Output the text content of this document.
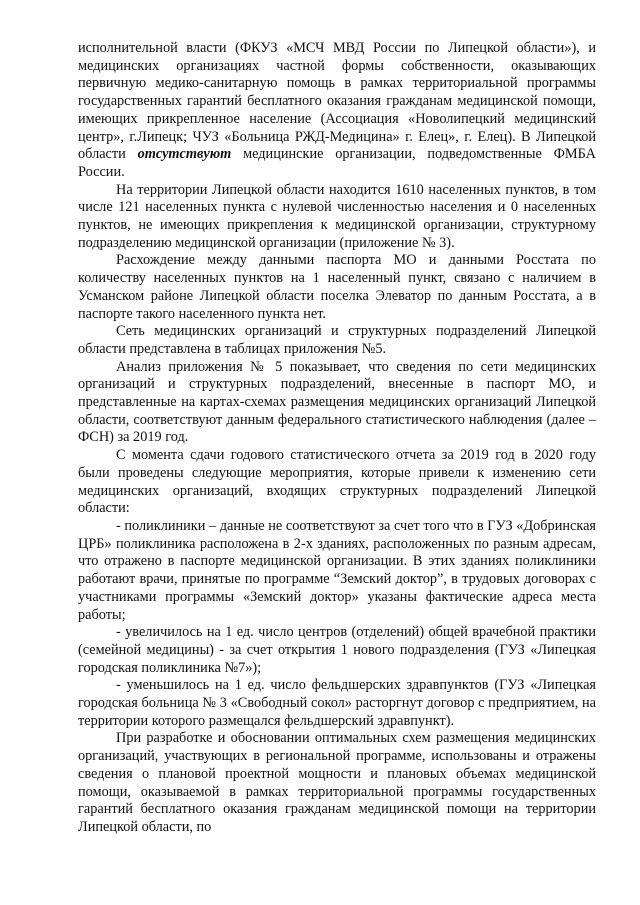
исполнительной власти (ФКУЗ «МСЧ МВД России по Липецкой области»), и медицинских организациях частной формы собственности, оказывающих первичную медико-санитарную помощь в рамках территориальной программы государственных гарантий бесплатного оказания гражданам медицинской помощи, имеющих прикрепленное население (Ассоциация «Новолипецкий медицинский центр», г.Липецк; ЧУЗ «Больница РЖД-Медицина» г. Елец», г. Елец). В Липецкой области отсутствуют медицинские организации, подведомственные ФМБА России.

На территории Липецкой области находится 1610 населенных пунктов, в том числе 121 населенных пункта с нулевой численностью населения и 0 населенных пунктов, не имеющих прикрепления к медицинской организации, структурному подразделению медицинской организации (приложение № 3).

Расхождение между данными паспорта МО и данными Росстата по количеству населенных пунктов на 1 населенный пункт, связано с наличием в Усманском районе Липецкой области поселка Элеватор по данным Росстата, а в паспорте такого населенного пункта нет.

Сеть медицинских организаций и структурных подразделений Липецкой области представлена в таблицах приложения №5.

Анализ приложения № 5 показывает, что сведения по сети медицинских организаций и структурных подразделений, внесенные в паспорт МО, и представленные на картах-схемах размещения медицинских организаций Липецкой области, соответствуют данным федерального статистического наблюдения (далее – ФСН) за 2019 год.

С момента сдачи годового статистического отчета за 2019 год в 2020 году были проведены следующие мероприятия, которые привели к изменению сети медицинских организаций, входящих структурных подразделений Липецкой области:

- поликлиники – данные не соответствуют за счет того что в ГУЗ «Добринская ЦРБ» поликлиника расположена в 2-х зданиях, расположенных по разным адресам, что отражено в паспорте медицинской организации. В этих зданиях поликлиники работают врачи, принятые по программе “Земский доктор”, в трудовых договорах с участниками программы «Земский доктор» указаны фактические адреса места работы;

- увеличилось на 1 ед. число центров (отделений) общей врачебной практики (семейной медицины) - за счет открытия 1 нового подразделения (ГУЗ «Липецкая городская поликлиника №7»);

- уменьшилось на 1 ед. число фельдшерских здравпунктов (ГУЗ «Липецкая городская больница № 3 «Свободный сокол» расторгнут договор с предприятием, на территории которого размещался фельдшерский здравпункт).

При разработке и обосновании оптимальных схем размещения медицинских организаций, участвующих в региональной программе, использованы и отражены сведения о плановой проектной мощности и плановых объемах медицинской помощи, оказываемой в рамках территориальной программы государственных гарантий бесплатного оказания гражданам медицинской помощи на территории Липецкой области, по
